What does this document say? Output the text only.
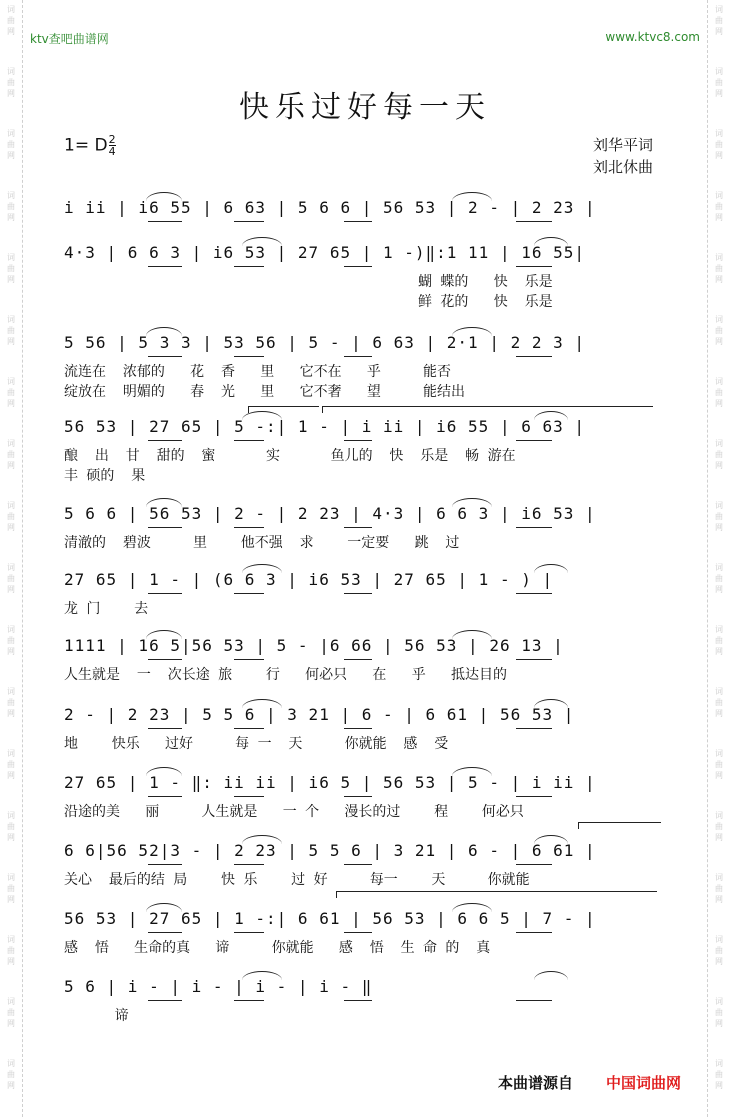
词
曲
网
词
曲
网
词
曲
网
词
曲
网
词
曲
网
词
曲
网
词
曲
网
词
曲
网
词
曲
网
词
曲
网
词
曲
网
词
曲
网
词
曲
网
词
曲
网
词
曲
网
词
曲
网
词
曲
网
词
曲
网
词
曲
网
词
曲
网
词
曲
网
词
曲
网
词
曲
网
词
曲
网
词
曲
网
词
曲
网
词
曲
网
词
曲
网
词
曲
网
词
曲
网
词
曲
网
词
曲
网
词
曲
网
词
曲
网
词
曲
网
词
曲
网
ktv查吧曲谱网	www.ktvc8.com
快乐过好每一天
1= D $\frac{2}{4}$	刘华平词
刘北休曲
i ii | i6 55 | 6 63 | 5 6 6 | 56 53 | 2 - | 2 23 |
4·3 | 6 6 3 | i6 53 | 27 65 | 1 -)‖:1 11 | 16 55|
蝴 蝶的   快  乐是
鲜 花的   快  乐是
5 56 | 5 3 3 | 53 56 | 5 - | 6 63 | 2·1 | 2 2 3 |
流连在  浓郁的   花  香   里   它不在   乎     能否
绽放在  明媚的   春  光   里   它不奢   望     能结出
56 53 | 27 65 | 5 -:| 1 - | i ii | i6 55 | 6 63 |
酿  出  甘  甜的  蜜      实      鱼儿的  快  乐是  畅 游在
丰 硕的  果
5 6 6 | 56 53 | 2 - | 2 23 | 4·3 | 6 6 3 | i6 53 |
清澈的  碧波     里    他不强  求    一定要   跳  过
27 65 | 1 - | (6 6 3 | i6 53 | 27 65 | 1 - ) |
龙 门    去
1111 | 16 5|56 53 | 5 - |6 66 | 56 53 | 26 13 |
人生就是  一  次长途 旅    行   何必只   在   乎   抵达目的
2 - | 2 23 | 5 5 6 | 3 21 | 6 - | 6 61 | 56 53 |
地    快乐   过好     每 一  天     你就能  感  受
27 65 | 1 - ‖: ii ii | i6 5 | 56 53 | 5 - | i ii |
沿途的美   丽     人生就是   一 个   漫长的过    程    何必只
6 6|56 52|3 - | 2 23 | 5 5 6 | 3 21 | 6 - | 6 61 |
关心  最后的结 局    快 乐    过 好     每一    天     你就能
56 53 | 27 65 | 1 -:| 6 61 | 56 53 | 6 6 5 | 7 - |
感  悟   生命的真   谛     你就能   感  悟  生 命 的  真
5 6 | i - | i - | i - | i - ‖
谛
本曲谱源自 中国词曲网
